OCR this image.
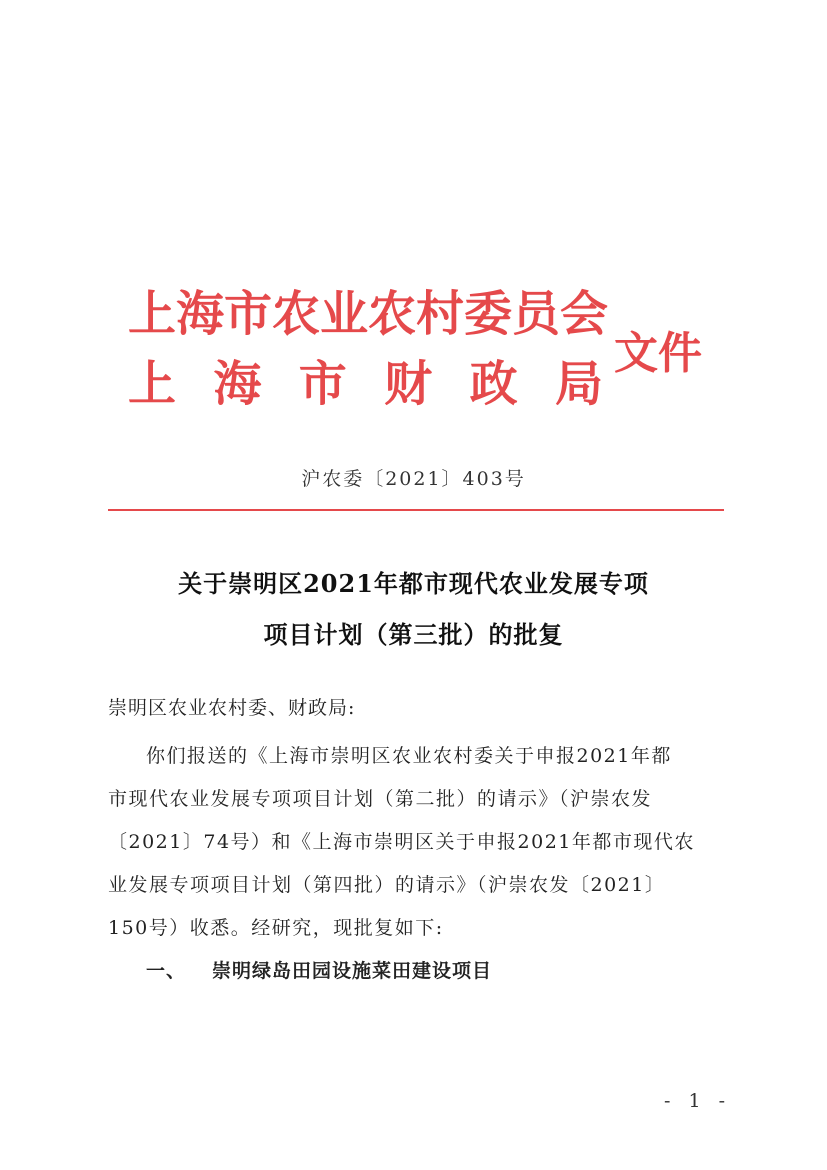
上海市农业农村委员会
上 海 市 财 政 局
文件
沪农委〔2021〕403号
关于崇明区2021年都市现代农业发展专项
项目计划（第三批）的批复
崇明区农业农村委、财政局:
你们报送的《上海市崇明区农业农村委关于申报2021年都
市现代农业发展专项项目计划（第二批）的请示》（沪崇农发
〔2021〕74号）和《上海市崇明区关于申报2021年都市现代农
业发展专项项目计划（第四批）的请示》（沪崇农发〔2021〕
150号）收悉。经研究，现批复如下:
一、 崇明绿岛田园设施菜田建设项目
- 1 -
